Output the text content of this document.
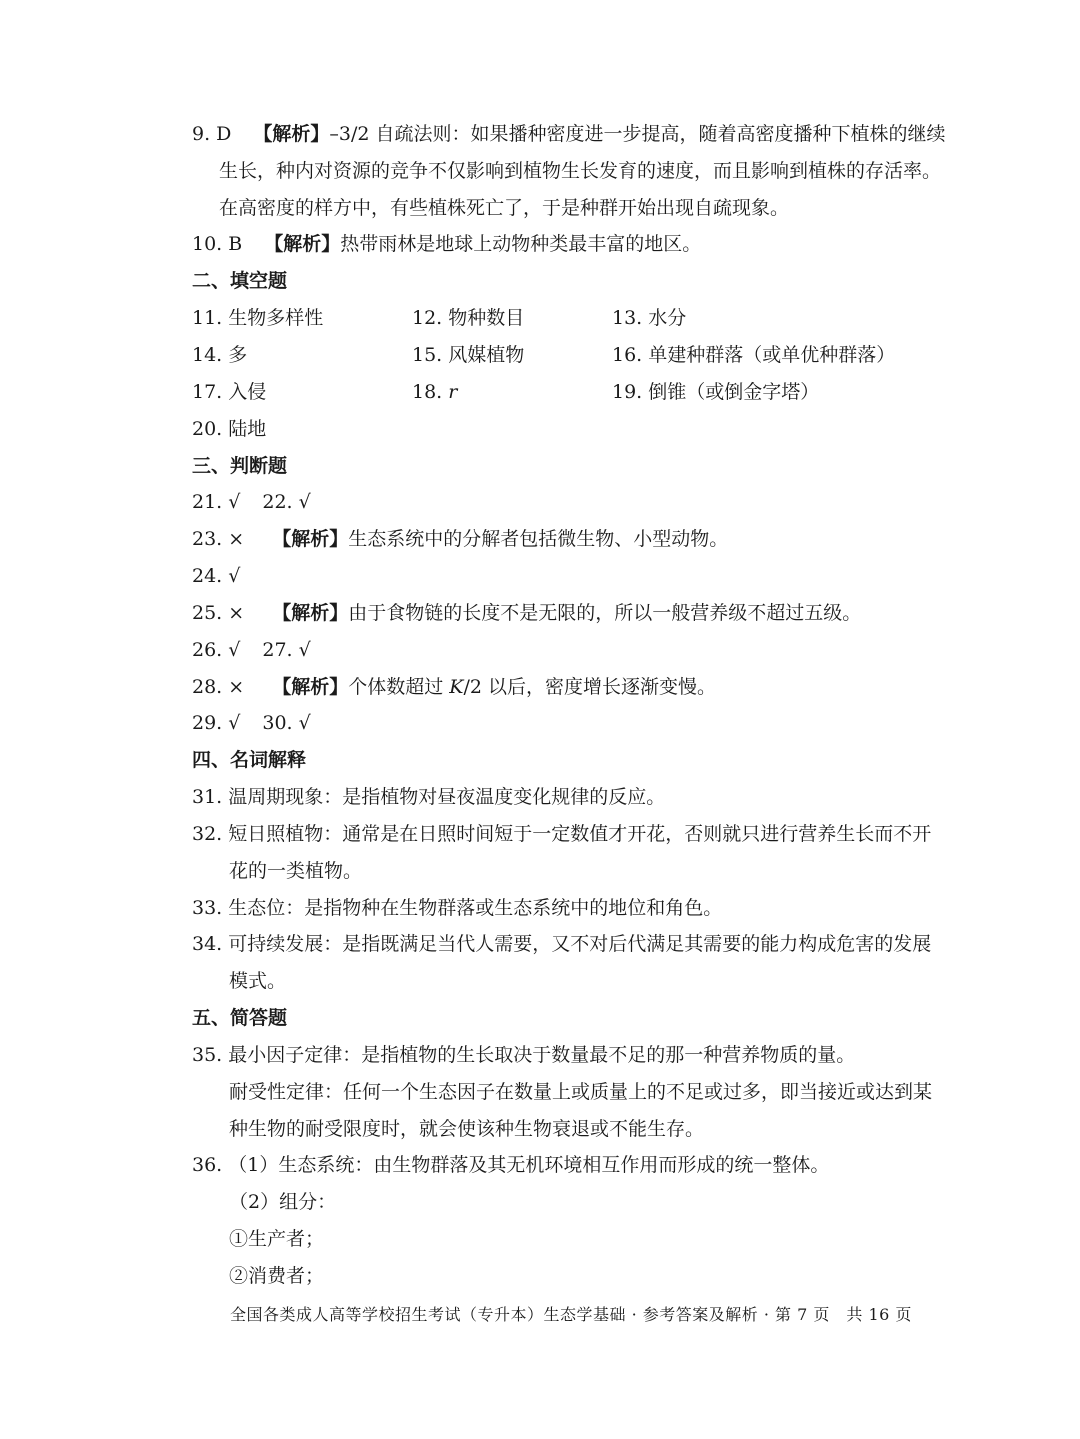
9. D 【解析】–3/2 自疏法则：如果播种密度进一步提高，随着高密度播种下植株的继续
生长，种内对资源的竞争不仅影响到植物生长发育的速度，而且影响到植株的存活率。
在高密度的样方中，有些植株死亡了，于是种群开始出现自疏现象。
10. B 【解析】热带雨林是地球上动物种类最丰富的地区。
二、填空题
11. 生物多样性	12. 物种数目	13. 水分
14. 多	15. 风媒植物	16. 单建种群落（或单优种群落）
17. 入侵	18. r	19. 倒锥（或倒金字塔）
20. 陆地
三、判断题
21. √ 22. √
23. × 【解析】生态系统中的分解者包括微生物、小型动物。
24. √
25. × 【解析】由于食物链的长度不是无限的，所以一般营养级不超过五级。
26. √ 27. √
28. × 【解析】个体数超过 K/2 以后，密度增长逐渐变慢。
29. √ 30. √
四、名词解释
31. 温周期现象：是指植物对昼夜温度变化规律的反应。
32. 短日照植物：通常是在日照时间短于一定数值才开花，否则就只进行营养生长而不开
花的一类植物。
33. 生态位：是指物种在生物群落或生态系统中的地位和角色。
34. 可持续发展：是指既满足当代人需要，又不对后代满足其需要的能力构成危害的发展
模式。
五、简答题
35. 最小因子定律：是指植物的生长取决于数量最不足的那一种营养物质的量。
耐受性定律：任何一个生态因子在数量上或质量上的不足或过多，即当接近或达到某
种生物的耐受限度时，就会使该种生物衰退或不能生存。
36. （1）生态系统：由生物群落及其无机环境相互作用而形成的统一整体。
（2）组分：
①生产者；
②消费者；
全国各类成人高等学校招生考试（专升本）生态学基础 · 参考答案及解析 · 第 7 页　共 16 页
